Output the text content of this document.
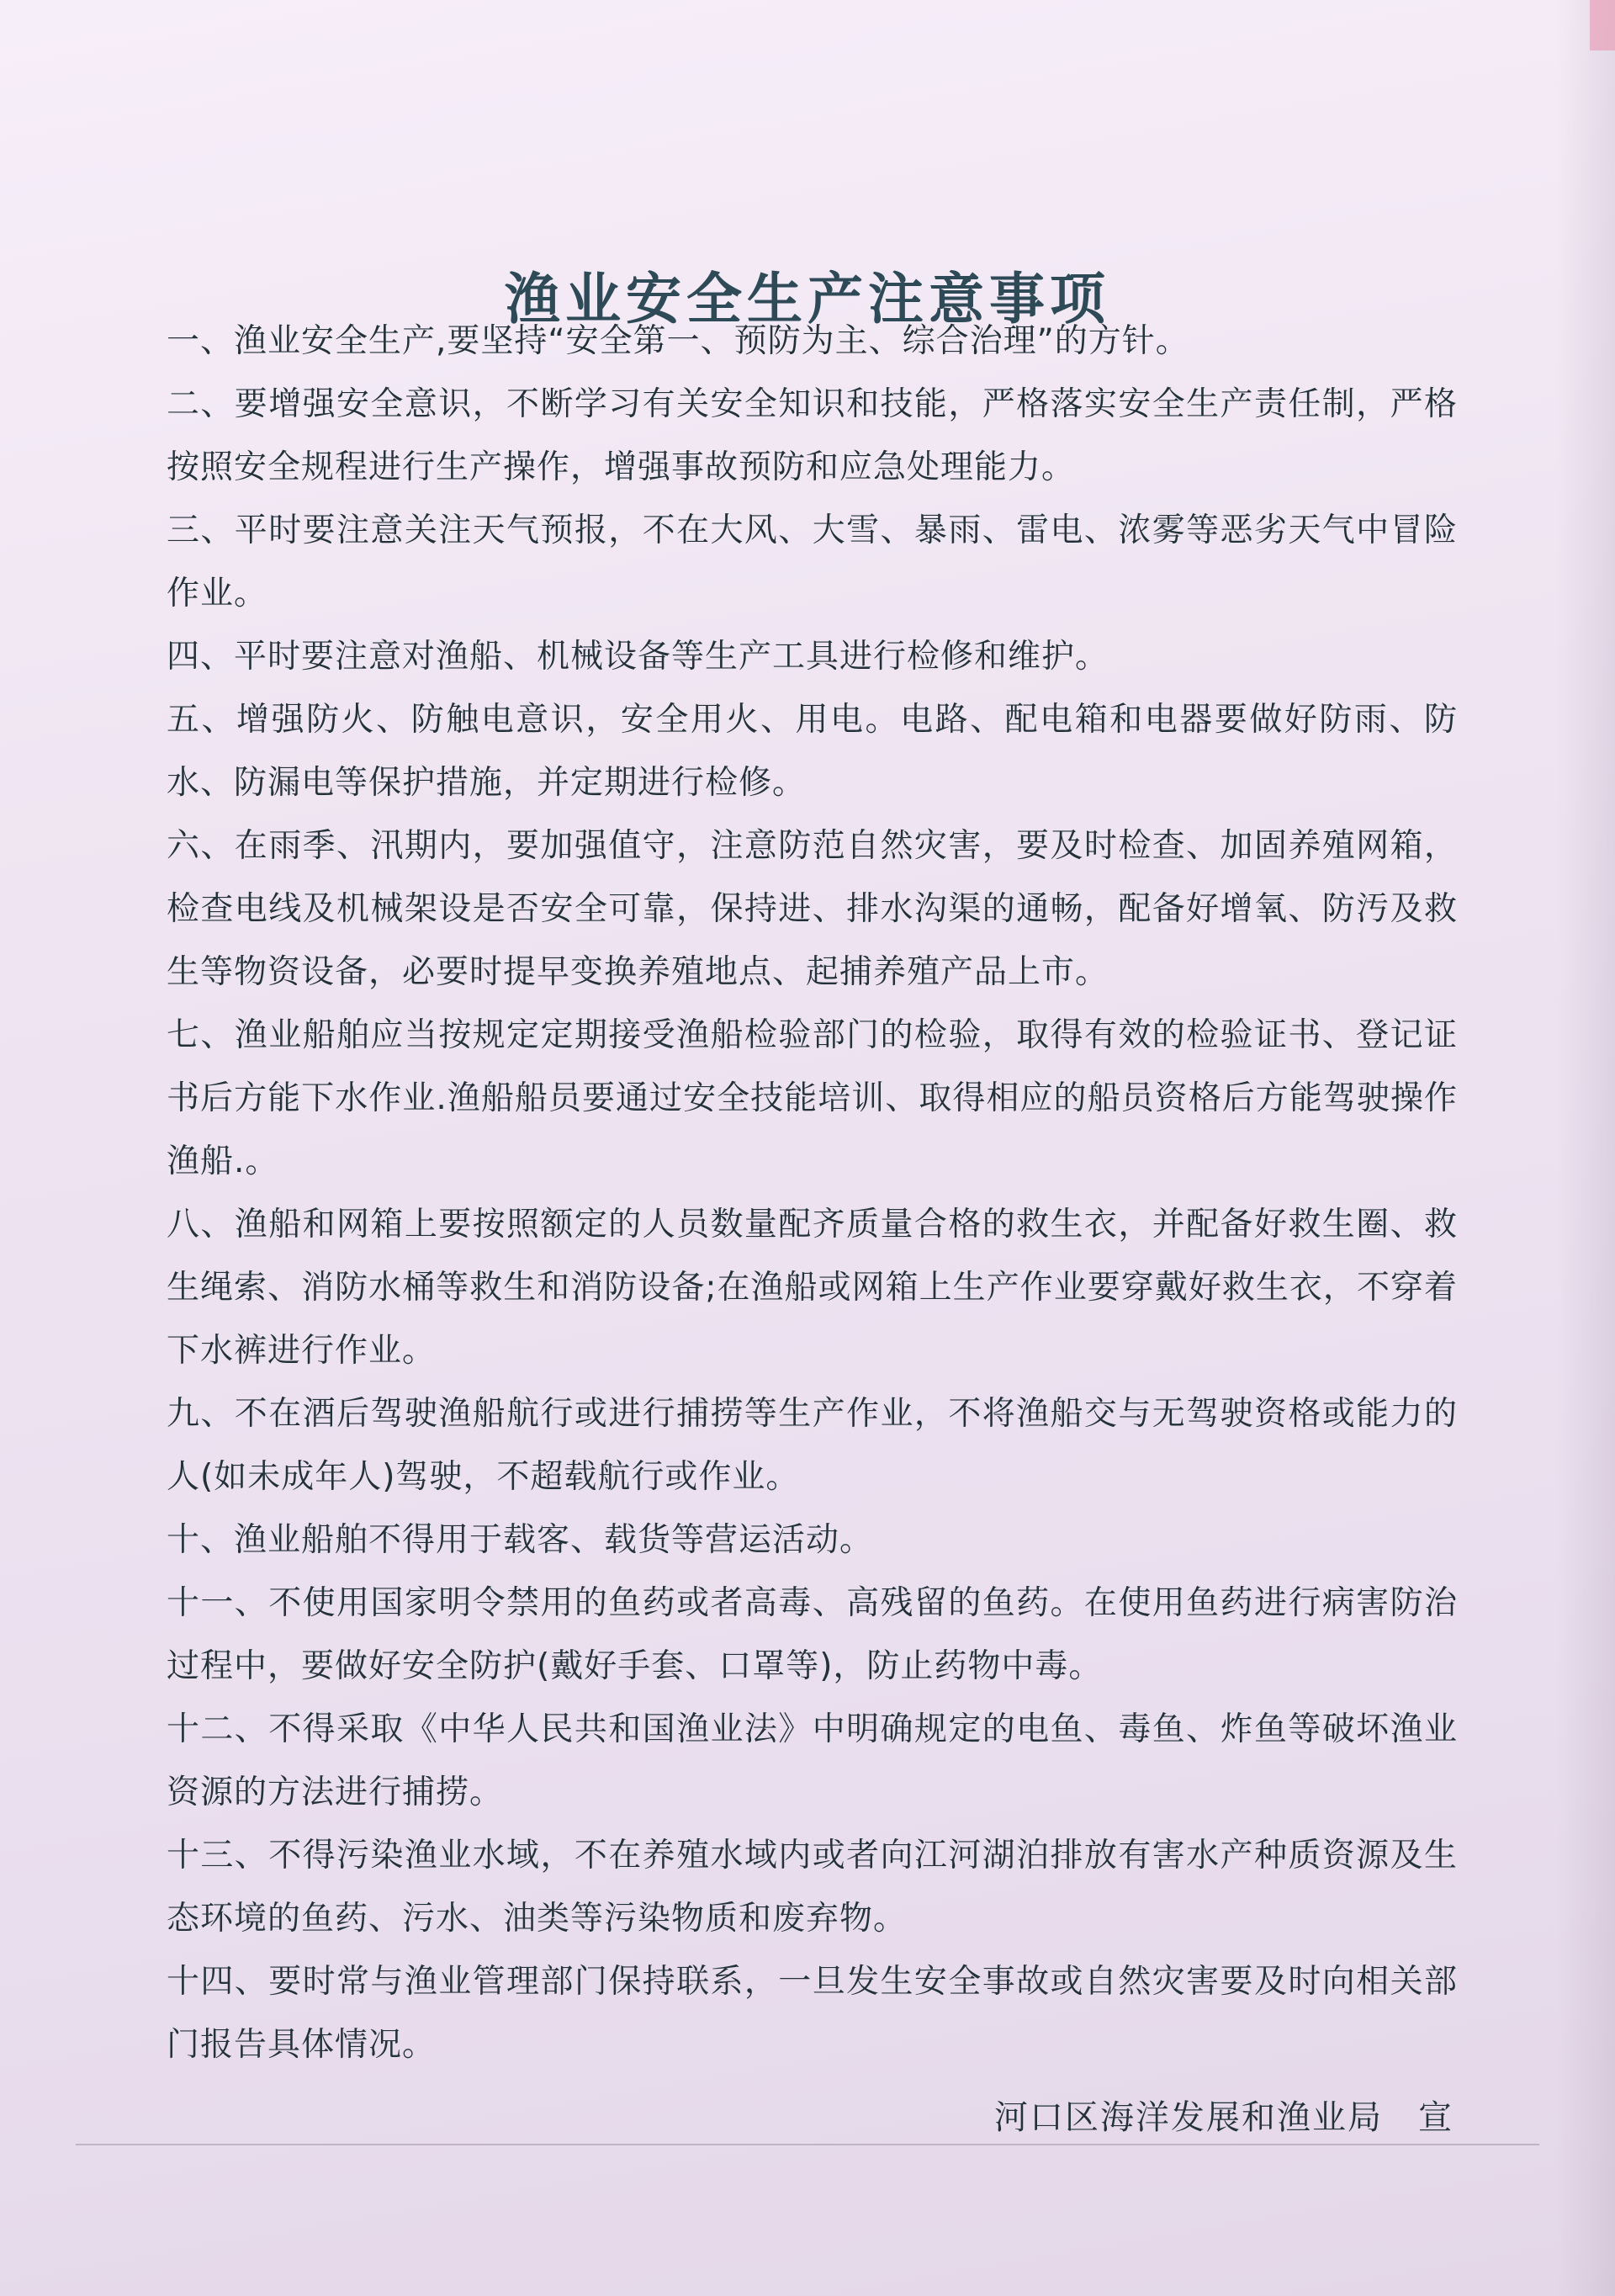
渔业安全生产注意事项

一、渔业安全生产,要坚持“安全第一、预防为主、综合治理”的方针。

二、要增强安全意识，不断学习有关安全知识和技能，严格落实安全生产责任制，严格按照安全规程进行生产操作，增强事故预防和应急处理能力。

三、平时要注意关注天气预报，不在大风、大雪、暴雨、雷电、浓雾等恶劣天气中冒险作业。

四、平时要注意对渔船、机械设备等生产工具进行检修和维护。

五、增强防火、防触电意识，安全用火、用电。电路、配电箱和电器要做好防雨、防水、防漏电等保护措施，并定期进行检修。

六、在雨季、汛期内，要加强值守，注意防范自然灾害，要及时检查、加固养殖网箱，检查电线及机械架设是否安全可靠，保持进、排水沟渠的通畅，配备好增氧、防汚及救生等物资设备，必要时提早变换养殖地点、起捕养殖产品上市。

七、渔业船舶应当按规定定期接受渔船检验部门的检验，取得有效的检验证书、登记证书后方能下水作业.渔船船员要通过安全技能培训、取得相应的船员资格后方能驾驶操作渔船.。

八、渔船和网箱上要按照额定的人员数量配齐质量合格的救生衣，并配备好救生圈、救生绳索、消防水桶等救生和消防设备;在渔船或网箱上生产作业要穿戴好救生衣，不穿着下水裤进行作业。

九、不在酒后驾驶渔船航行或进行捕捞等生产作业，不将渔船交与无驾驶资格或能力的人(如未成年人)驾驶，不超载航行或作业。

十、渔业船舶不得用于载客、载货等营运活动。

十一、不使用国家明令禁用的鱼药或者高毒、高残留的鱼药。在使用鱼药进行病害防治过程中，要做好安全防护(戴好手套、口罩等)，防止药物中毒。

十二、不得采取《中华人民共和国渔业法》中明确规定的电鱼、毒鱼、炸鱼等破坏渔业资源的方法进行捕捞。

十三、不得污染渔业水域，不在养殖水域内或者向江河湖泊排放有害水产种质资源及生态环境的鱼药、污水、油类等污染物质和废弃物。

十四、要时常与渔业管理部门保持联系，一旦发生安全事故或自然灾害要及时向相关部门报告具体情况。

河口区海洋发展和渔业局　宣
